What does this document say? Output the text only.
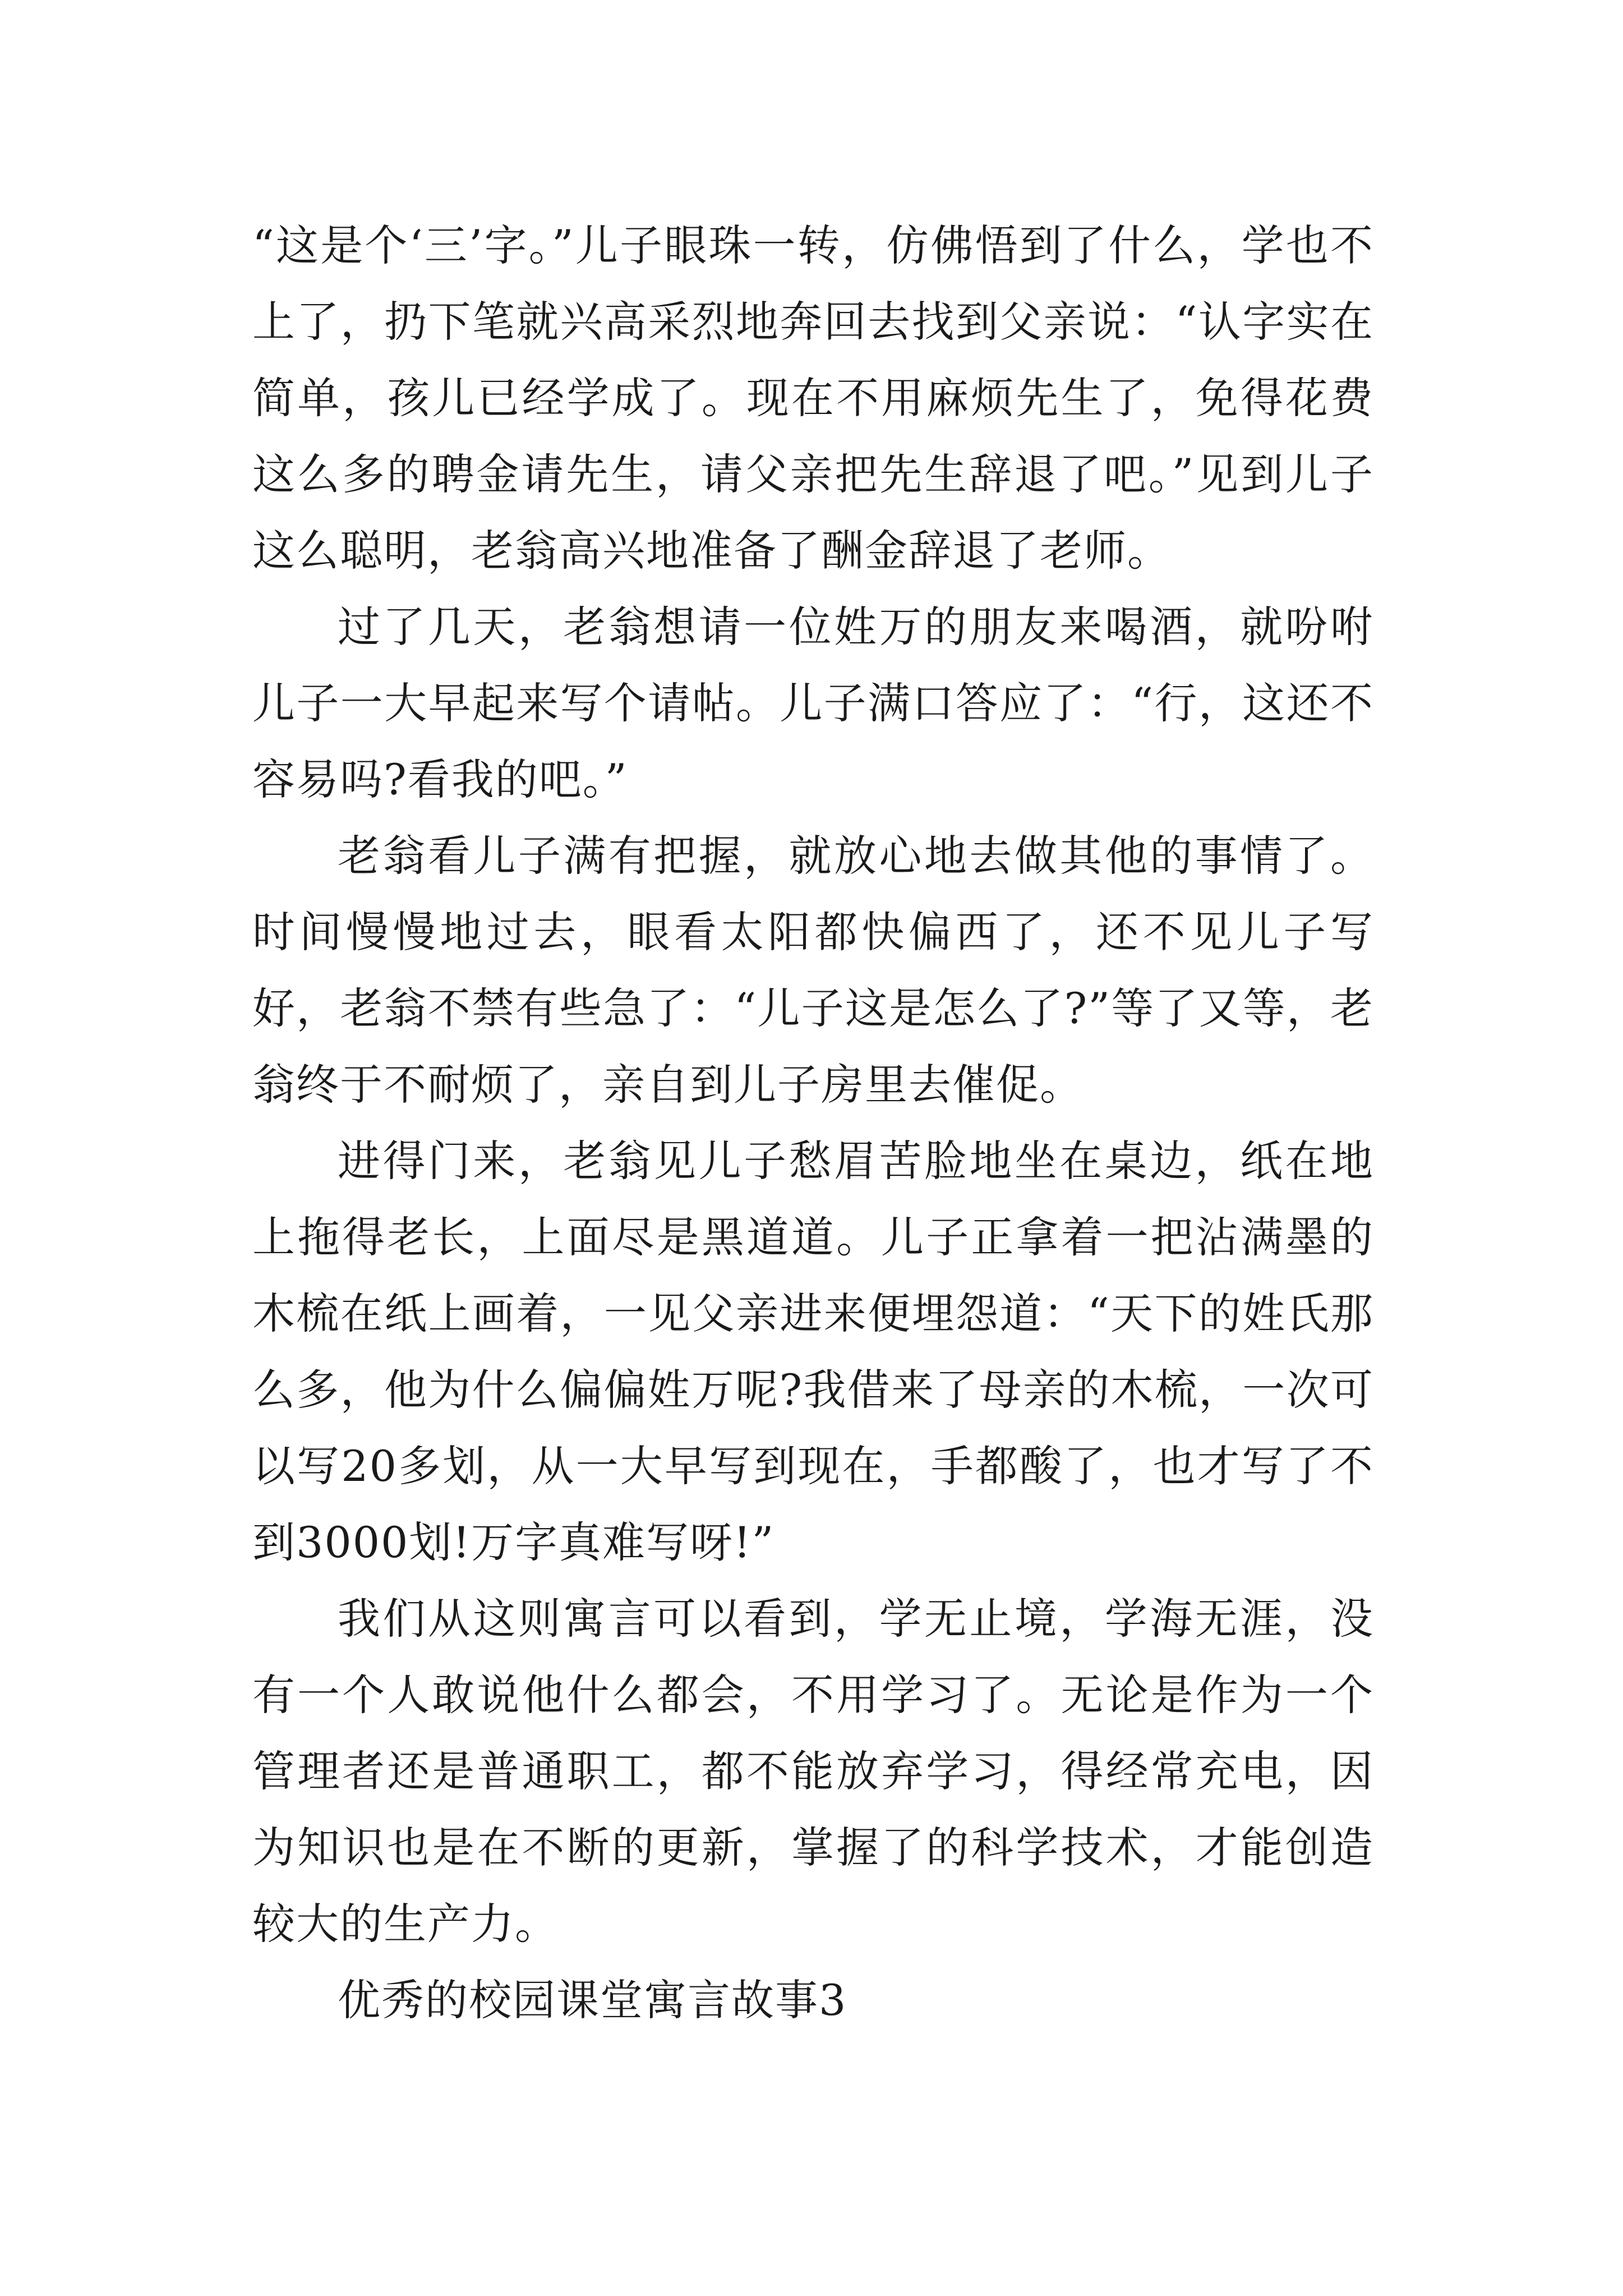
“这是个‘三’字。”儿子眼珠一转，仿佛悟到了什么，学也不上了，扔下笔就兴高采烈地奔回去找到父亲说：“认字实在简单，孩儿已经学成了。现在不用麻烦先生了，免得花费这么多的聘金请先生，请父亲把先生辞退了吧。”见到儿子这么聪明，老翁高兴地准备了酬金辞退了老师。

过了几天，老翁想请一位姓万的朋友来喝酒，就吩咐儿子一大早起来写个请帖。儿子满口答应了：“行，这还不容易吗?看我的吧。”

老翁看儿子满有把握，就放心地去做其他的事情了。时间慢慢地过去，眼看太阳都快偏西了，还不见儿子写好，老翁不禁有些急了：“儿子这是怎么了?”等了又等，老翁终于不耐烦了，亲自到儿子房里去催促。

进得门来，老翁见儿子愁眉苦脸地坐在桌边，纸在地上拖得老长，上面尽是黑道道。儿子正拿着一把沾满墨的木梳在纸上画着，一见父亲进来便埋怨道：“天下的姓氏那么多，他为什么偏偏姓万呢?我借来了母亲的木梳，一次可以写20多划，从一大早写到现在，手都酸了，也才写了不到3000划!万字真难写呀!”

我们从这则寓言可以看到，学无止境，学海无涯，没有一个人敢说他什么都会，不用学习了。无论是作为一个管理者还是普通职工，都不能放弃学习，得经常充电，因为知识也是在不断的更新，掌握了的科学技术，才能创造较大的生产力。

优秀的校园课堂寓言故事3
